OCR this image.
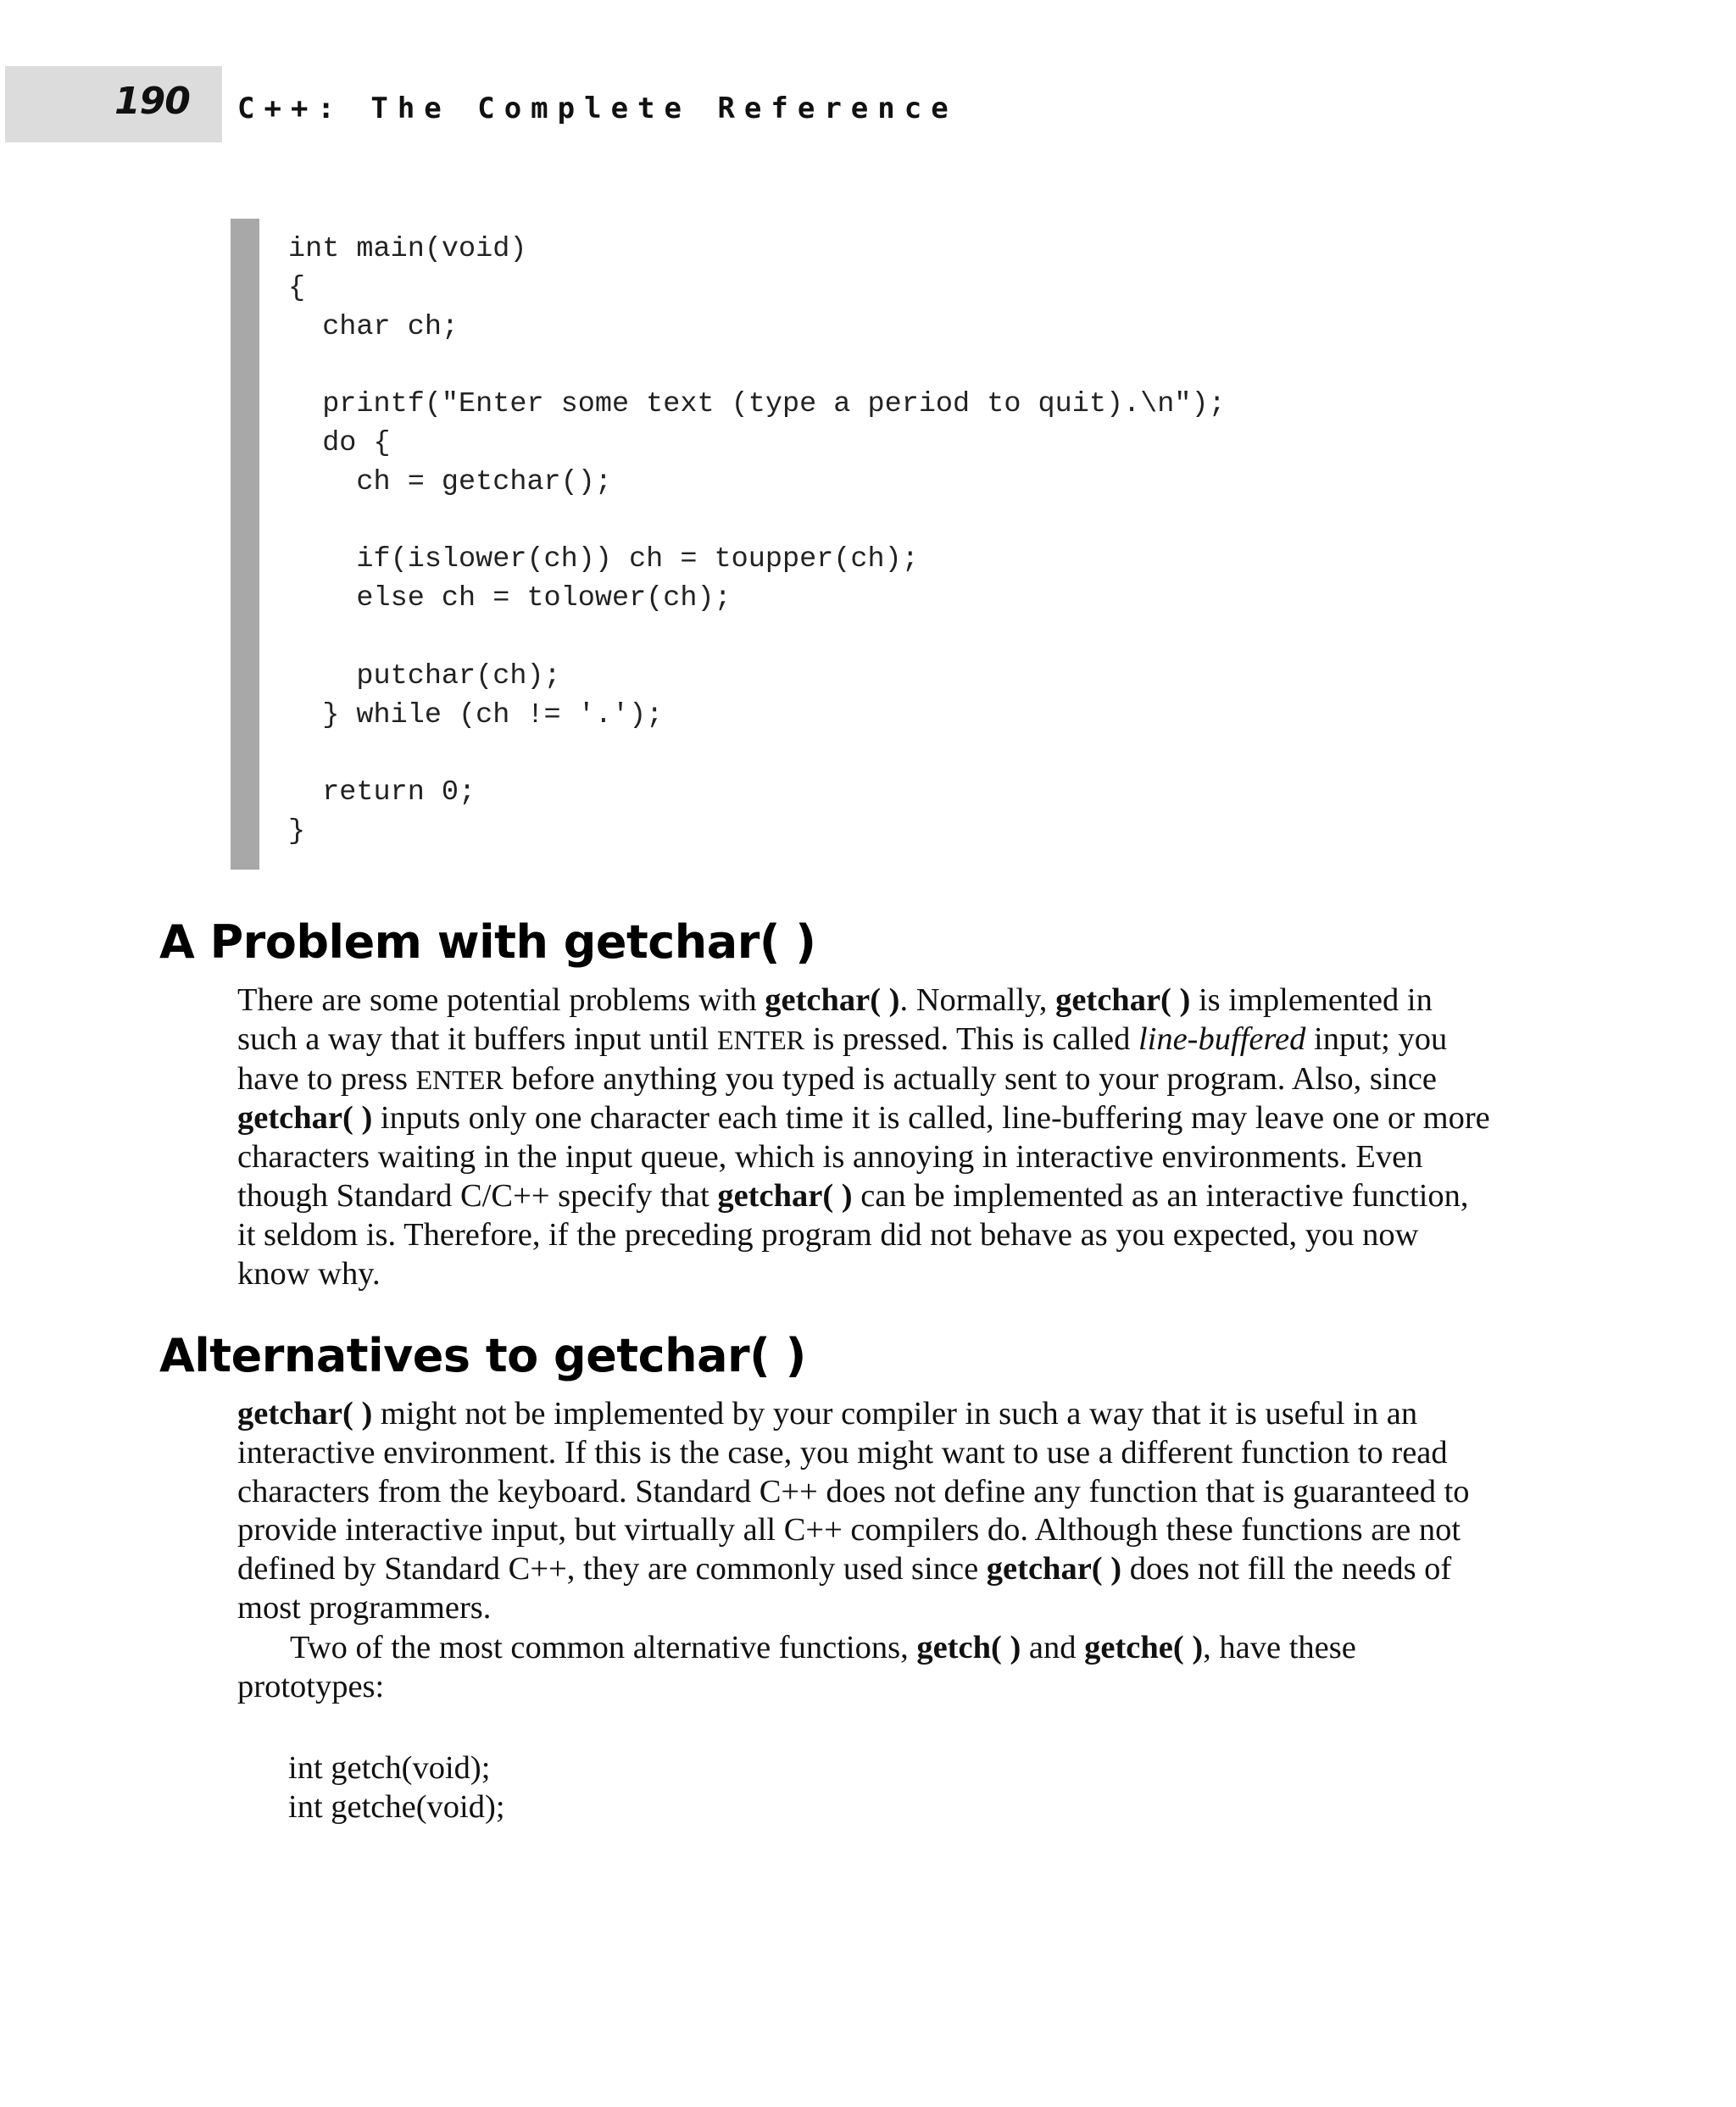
190 C++: The Complete Reference
int main(void)
{
char ch;
printf("Enter some text (type a period to quit).\n");
do {
ch = getchar();
if(islower(ch)) ch = toupper(ch);
else ch = tolower(ch);
putchar(ch);
} while (ch != '.');
return 0;
}
A Problem with getchar( )

There are some potential problems with getchar( ). Normally, getchar( ) is implemented in such a way that it buffers input until ENTER is pressed. This is called line-buffered input; you have to press ENTER before anything you typed is actually sent to your program. Also, since getchar( ) inputs only one character each time it is called, line-buffering may leave one or more characters waiting in the input queue, which is annoying in interactive environments. Even though Standard C/C++ specify that getchar( ) can be implemented as an interactive function, it seldom is. Therefore, if the preceding program did not behave as you expected, you now know why.

Alternatives to getchar( )

getchar( ) might not be implemented by your compiler in such a way that it is useful in an interactive environment. If this is the case, you might want to use a different function to read characters from the keyboard. Standard C++ does not define any function that is guaranteed to provide interactive input, but virtually all C++ compilers do. Although these functions are not defined by Standard C++, they are commonly used since getchar( ) does not fill the needs of most programmers.

Two of the most common alternative functions, getch( ) and getche( ), have these prototypes:

int getch(void);
int getche(void);
